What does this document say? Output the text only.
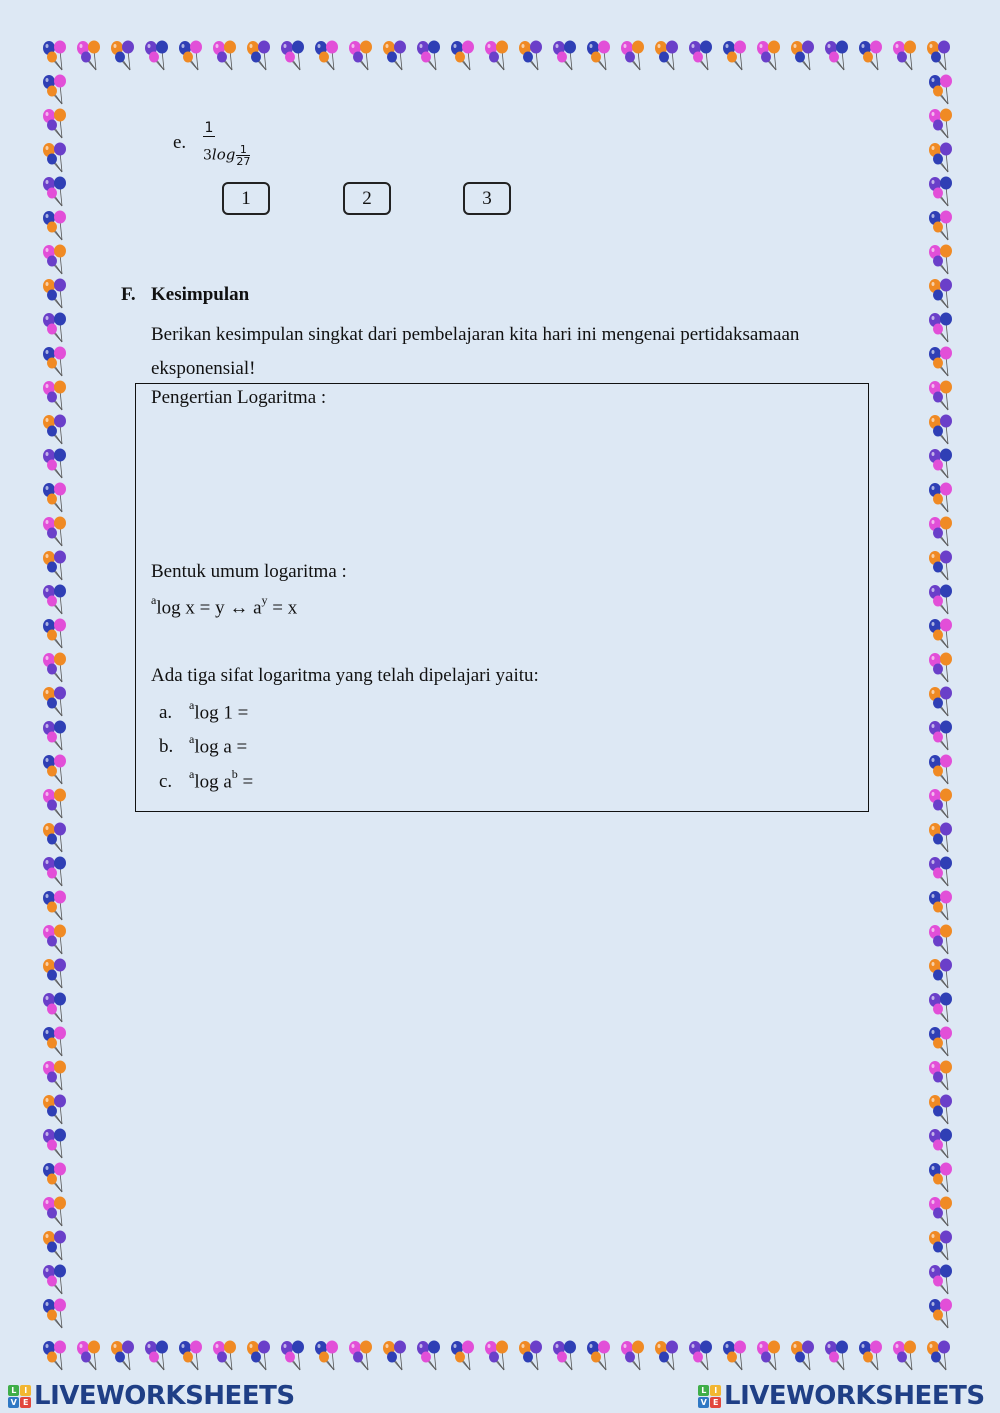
e.
1
$3\log \frac{1}{27}$
1	2	3
F. Kesimpulan
Berikan kesimpulan singkat dari pembelajaran kita hari ini mengenai pertidaksamaan eksponensial!
Pengertian Logaritma :
Bentuk umum logaritma :
$^a$log x = y ↔ $a^y = x$
Ada tiga sifat logaritma yang telah dipelajari yaitu:
a. $^a$log 1 =
b. $^a$log a =
c. $^a$log $a^b$ =
L	I
V E LIVEWORKSHEETS	L	I
V E LIVEWORKSHEETS
